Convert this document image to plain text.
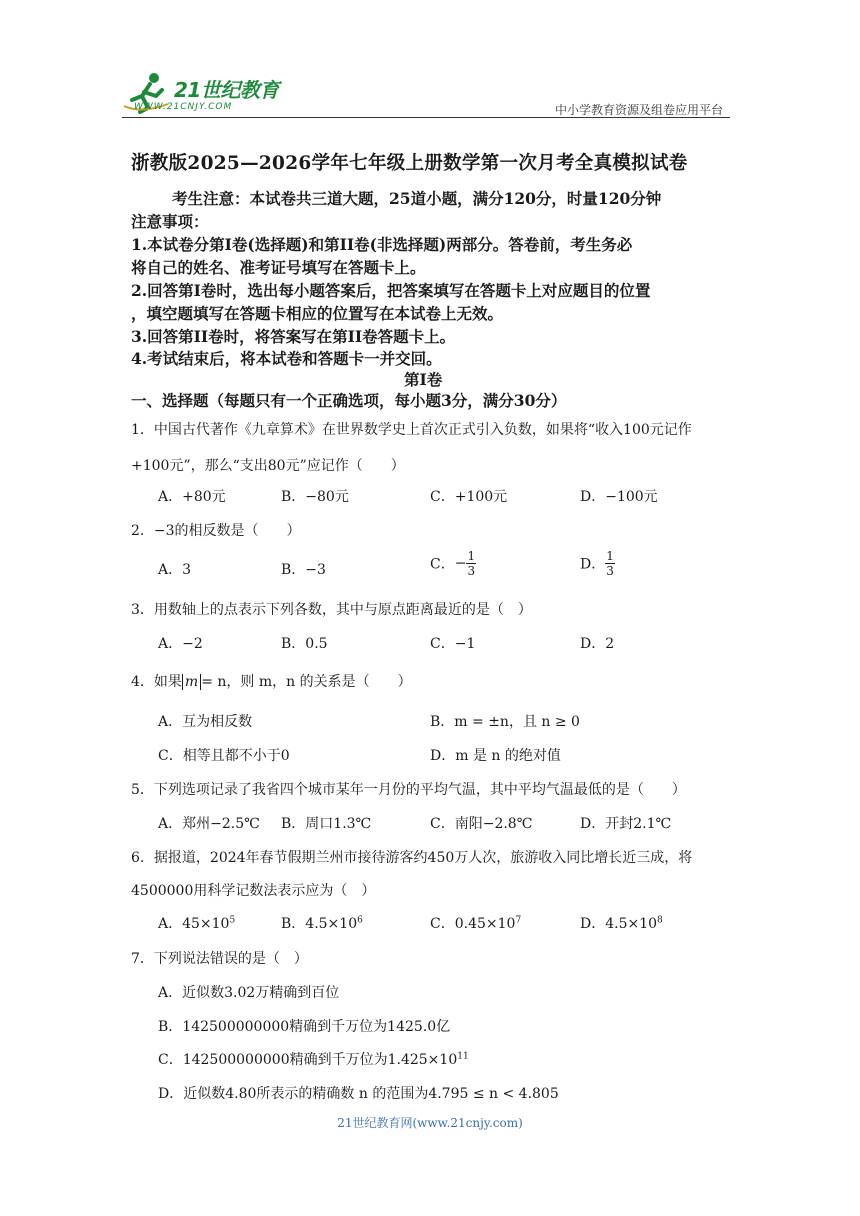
21世纪教育
WWW.21CNJY.COM	中小学教育资源及组卷应用平台
浙教版2025—2026学年七年级上册数学第一次月考全真模拟试卷
考生注意：本试卷共三道大题，25道小题，满分120分，时量120分钟
注意事项：
1.本试卷分第Ⅰ卷(选择题)和第II卷(非选择题)两部分。答卷前，考生务必
将自己的姓名、准考证号填写在答题卡上。
2.回答第Ⅰ卷时，选出每小题答案后，把答案填写在答题卡上对应题目的位置
，填空题填写在答题卡相应的位置写在本试卷上无效。
3.回答第II卷时，将答案写在第II卷答题卡上。
4.考试结束后，将本试卷和答题卡一并交回。
第Ⅰ卷
一、选择题（每题只有一个正确选项，每小题3分，满分30分）
1．中国古代著作《九章算术》在世界数学史上首次正式引入负数，如果将“收入100元记作
+100元”，那么“支出80元”应记作（　　）
A．+80元	B．−80元	C．+100元	D．−100元
2．−3的相反数是（　　）
A．3	B．−3	C．− $\frac{1}{3}$	D． $\frac{1}{3}$
3．用数轴上的点表示下列各数，其中与原点距离最近的是（　）
A．−2	B．0.5	C．−1	D．2
4．如果 m = n，则 m，n 的关系是（　　）
A．互为相反数	B．m = ±n，且 n ≥ 0
C．相等且都不小于0	D．m 是 n 的绝对值
5．下列选项记录了我省四个城市某年一月份的平均气温，其中平均气温最低的是（　　）
A．郑州−2.5℃ B．周口1.3℃	C．南阳−2.8℃	D．开封2.1℃
6．据报道，2024年春节假期兰州市接待游客约450万人次，旅游收入同比增长近三成，将
4500000用科学记数法表示应为（　）
A．$45\times 10^5$	B．$4.5\times 10^6$	C．$0.45\times 10^7$	D．$4.5\times 10^8$
7．下列说法错误的是（　）
A．近似数3.02万精确到百位
B．142500000000精确到千万位为1425.0亿
C．142500000000精确到千万位为$1.425\times 10^{11}$
D．近似数4.80所表示的精确数 n 的范围为4.795 ≤ n < 4.805
21世纪教育网(www.21cnjy.com)
